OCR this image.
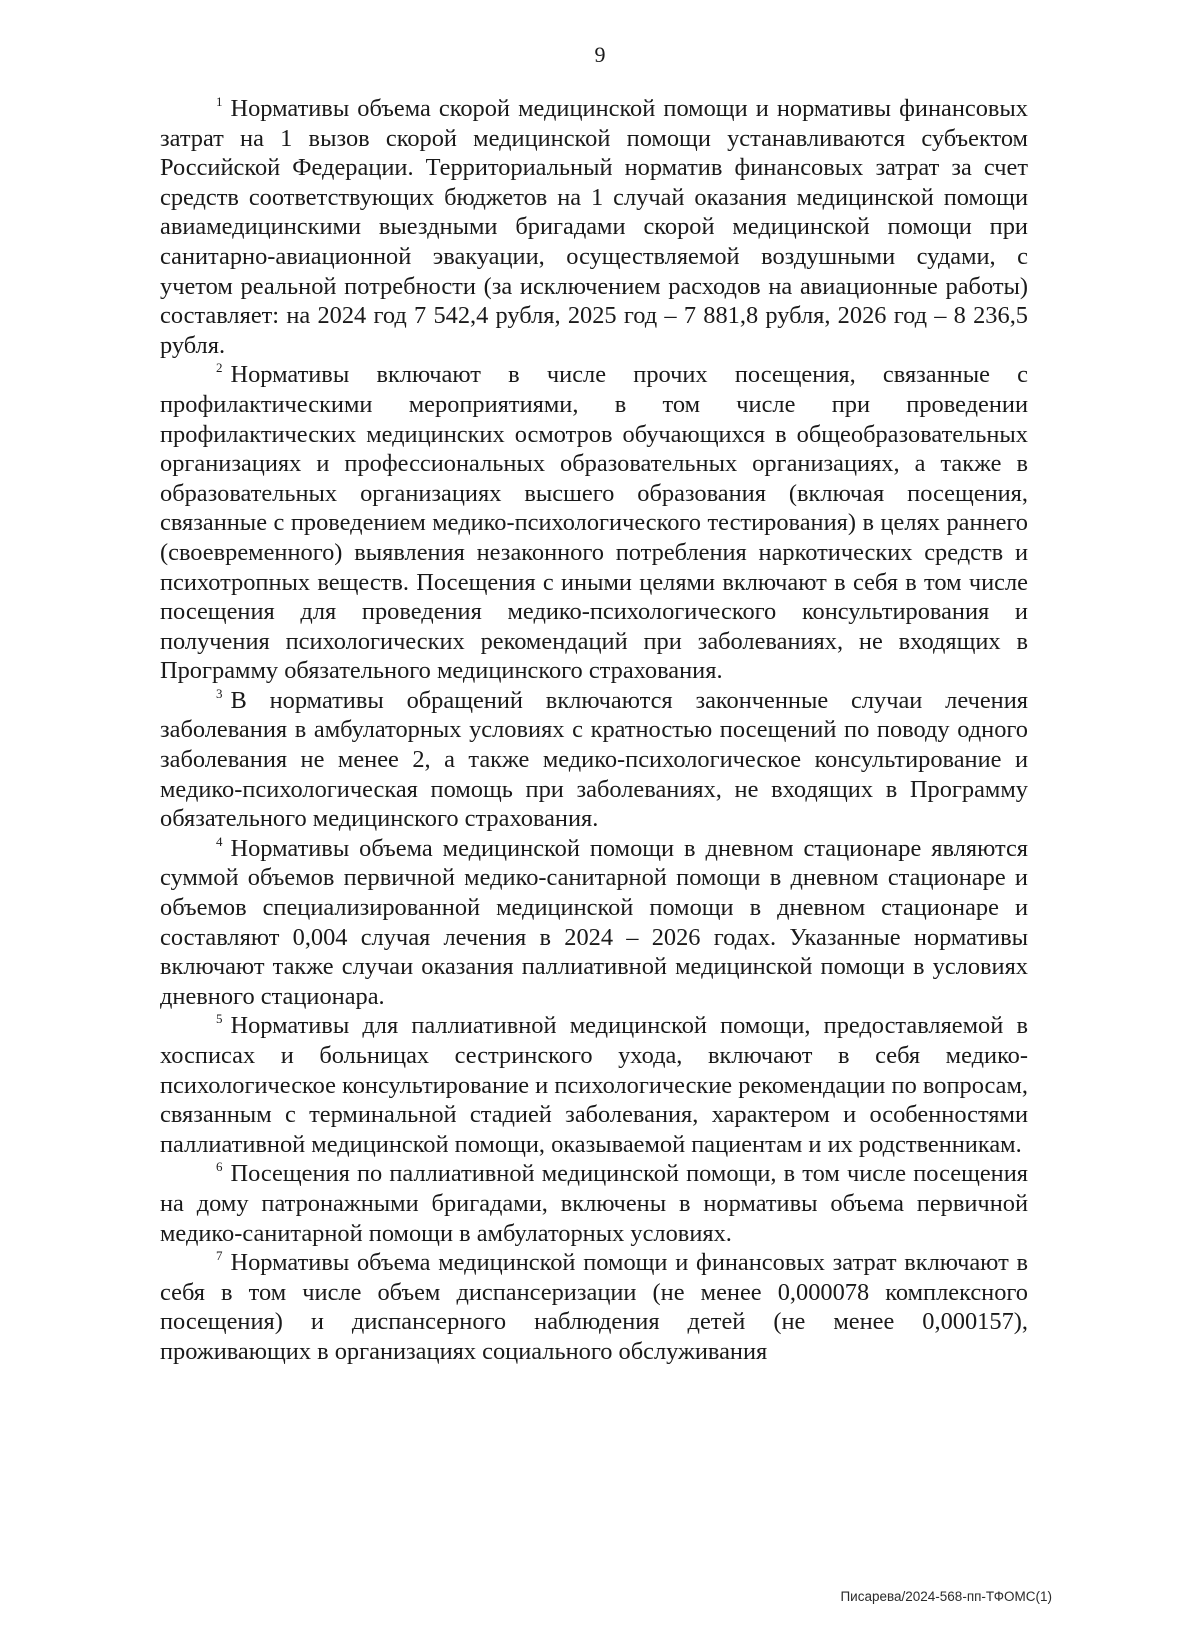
9

$^1$ Нормативы объема скорой медицинской помощи и нормативы финансовых затрат на 1 вызов скорой медицинской помощи устанавливаются субъектом Российской Федерации. Территориальный норматив финансовых затрат за счет средств соответствующих бюджетов на 1 случай оказания медицинской помощи авиамедицинскими выездными бригадами скорой медицинской помощи при санитарно-авиационной эвакуации, осуществляемой воздушными судами, с учетом реальной потребности (за исключением расходов на авиационные работы) составляет: на 2024 год 7 542,4 рубля, 2025 год – 7 881,8 рубля, 2026 год – 8 236,5 рубля.

$^2$ Нормативы включают в числе прочих посещения, связанные с профилактическими мероприятиями, в том числе при проведении профилактических медицинских осмотров обучающихся в общеобразовательных организациях и профессиональных образовательных организациях, а также в образовательных организациях высшего образования (включая посещения, связанные с проведением медико-психологического тестирования) в целях раннего (своевременного) выявления незаконного потребления наркотических средств и психотропных веществ. Посещения с иными целями включают в себя в том числе посещения для проведения медико-психологического консультирования и получения психологических рекомендаций при заболеваниях, не входящих в Программу обязательного медицинского страхования.

$^3$ В нормативы обращений включаются законченные случаи лечения заболевания в амбулаторных условиях с кратностью посещений по поводу одного заболевания не менее 2, а также медико-психологическое консультирование и медико-психологическая помощь при заболеваниях, не входящих в Программу обязательного медицинского страхования.

$^4$ Нормативы объема медицинской помощи в дневном стационаре являются суммой объемов первичной медико-санитарной помощи в дневном стационаре и объемов специализированной медицинской помощи в дневном стационаре и составляют 0,004 случая лечения в 2024 – 2026 годах. Указанные нормативы включают также случаи оказания паллиативной медицинской помощи в условиях дневного стационара.

$^5$ Нормативы для паллиативной медицинской помощи, предоставляемой в хосписах и больницах сестринского ухода, включают в себя медико-психологическое консультирование и психологические рекомендации по вопросам, связанным с терминальной стадией заболевания, характером и особенностями паллиативной медицинской помощи, оказываемой пациентам и их родственникам.

$^6$ Посещения по паллиативной медицинской помощи, в том числе посещения на дому патронажными бригадами, включены в нормативы объема первичной медико-санитарной помощи в амбулаторных условиях.

$^7$ Нормативы объема медицинской помощи и финансовых затрат включают в себя в том числе объем диспансеризации (не менее 0,000078 комплексного посещения) и диспансерного наблюдения детей (не менее 0,000157), проживающих в организациях социального обслуживания

Писарева/2024-568-пп-ТФОМС(1)
